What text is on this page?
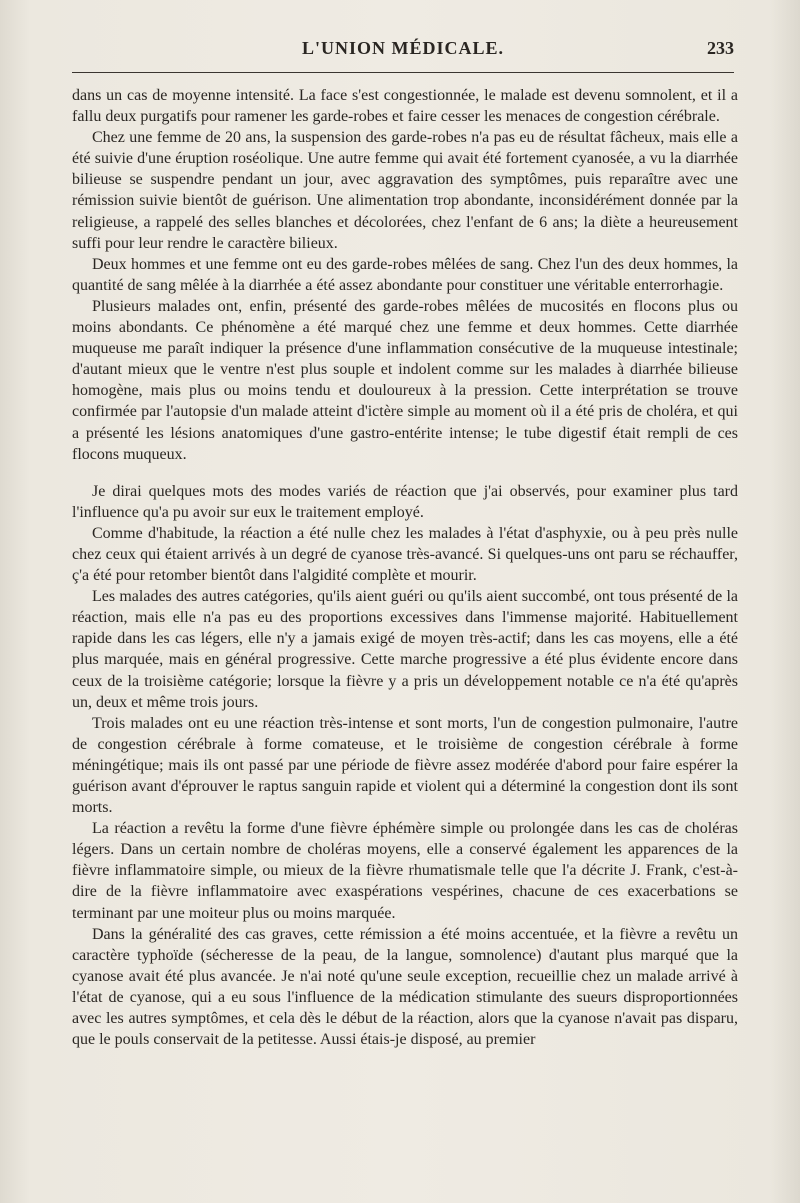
L'UNION MÉDICALE.	233

dans un cas de moyenne intensité. La face s'est congestionnée, le malade est devenu somnolent, et il a fallu deux purgatifs pour ramener les garde-robes et faire cesser les menaces de congestion cérébrale.

Chez une femme de 20 ans, la suspension des garde-robes n'a pas eu de résultat fâcheux, mais elle a été suivie d'une éruption roséolique. Une autre femme qui avait été fortement cyanosée, a vu la diarrhée bilieuse se suspendre pendant un jour, avec aggravation des symptômes, puis reparaître avec une rémission suivie bientôt de guérison. Une alimentation trop abondante, inconsidérément donnée par la religieuse, a rappelé des selles blanches et décolorées, chez l'enfant de 6 ans; la diète a heureusement suffi pour leur rendre le caractère bilieux.

Deux hommes et une femme ont eu des garde-robes mêlées de sang. Chez l'un des deux hommes, la quantité de sang mêlée à la diarrhée a été assez abondante pour constituer une véritable enterrorhagie.

Plusieurs malades ont, enfin, présenté des garde-robes mêlées de mucosités en flocons plus ou moins abondants. Ce phénomène a été marqué chez une femme et deux hommes. Cette diarrhée muqueuse me paraît indiquer la présence d'une inflammation consécutive de la muqueuse intestinale; d'autant mieux que le ventre n'est plus souple et indolent comme sur les malades à diarrhée bilieuse homogène, mais plus ou moins tendu et douloureux à la pression. Cette interprétation se trouve confirmée par l'autopsie d'un malade atteint d'ictère simple au moment où il a été pris de choléra, et qui a présenté les lésions anatomiques d'une gastro-entérite intense; le tube digestif était rempli de ces flocons muqueux.

Je dirai quelques mots des modes variés de réaction que j'ai observés, pour examiner plus tard l'influence qu'a pu avoir sur eux le traitement employé.

Comme d'habitude, la réaction a été nulle chez les malades à l'état d'asphyxie, ou à peu près nulle chez ceux qui étaient arrivés à un degré de cyanose très-avancé. Si quelques-uns ont paru se réchauffer, ç'a été pour retomber bientôt dans l'algidité complète et mourir.

Les malades des autres catégories, qu'ils aient guéri ou qu'ils aient succombé, ont tous présenté de la réaction, mais elle n'a pas eu des proportions excessives dans l'immense majorité. Habituellement rapide dans les cas légers, elle n'y a jamais exigé de moyen très-actif; dans les cas moyens, elle a été plus marquée, mais en général progressive. Cette marche progressive a été plus évidente encore dans ceux de la troisième catégorie; lorsque la fièvre y a pris un développement notable ce n'a été qu'après un, deux et même trois jours.

Trois malades ont eu une réaction très-intense et sont morts, l'un de congestion pulmonaire, l'autre de congestion cérébrale à forme comateuse, et le troisième de congestion cérébrale à forme méningétique; mais ils ont passé par une période de fièvre assez modérée d'abord pour faire espérer la guérison avant d'éprouver le raptus sanguin rapide et violent qui a déterminé la congestion dont ils sont morts.

La réaction a revêtu la forme d'une fièvre éphémère simple ou prolongée dans les cas de choléras légers. Dans un certain nombre de choléras moyens, elle a conservé également les apparences de la fièvre inflammatoire simple, ou mieux de la fièvre rhumatismale telle que l'a décrite J. Frank, c'est-à-dire de la fièvre inflammatoire avec exaspérations vespérines, chacune de ces exacerbations se terminant par une moiteur plus ou moins marquée.

Dans la généralité des cas graves, cette rémission a été moins accentuée, et la fièvre a revêtu un caractère typhoïde (sécheresse de la peau, de la langue, somnolence) d'autant plus marqué que la cyanose avait été plus avancée. Je n'ai noté qu'une seule exception, recueillie chez un malade arrivé à l'état de cyanose, qui a eu sous l'influence de la médication stimulante des sueurs disproportionnées avec les autres symptômes, et cela dès le début de la réaction, alors que la cyanose n'avait pas disparu, que le pouls conservait de la petitesse. Aussi étais-je disposé, au premier
